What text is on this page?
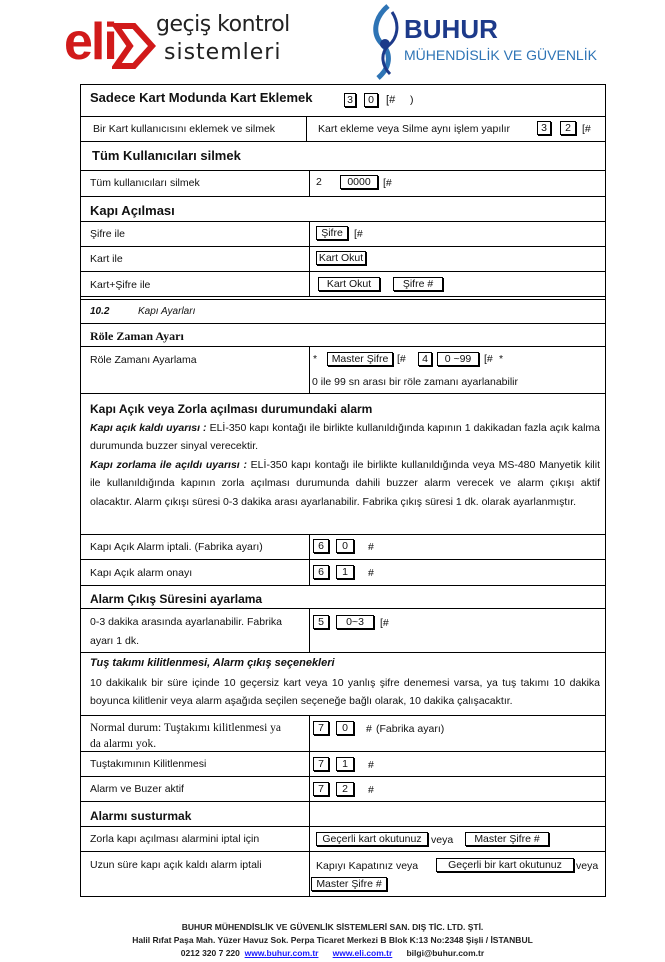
eli geçiş kontrol
sistemleri
BUHUR
MÜHENDİSLİK VE GÜVENLİK
Sadece Kart Modunda Kart Eklemek	3	0	[# )
Bir Kart kullanıcısını eklemek ve silmek	Kart ekleme veya Silme aynı işlem yapılır	3	2	[#
Tüm Kullanıcıları silmek
Tüm kullanıcıları silmek	2	0000	[#
Kapı Açılması
Şifre ile	Şifre	[#
Kart ile	Kart Okut
Kart+Şifre ile	Kart Okut	Şifre #
10.2	Kapı Ayarları
Röle Zaman Ayarı
Röle Zamanı Ayarlama	*	Master Şifre [#	4	0 ~99	[# *
0 ile 99 sn arası bir röle zamanı ayarlanabilir
Kapı Açık veya Zorla açılması durumundaki alarm
Kapı açık kaldı uyarısı : ELİ-350 kapı kontağı ile birlikte kullanıldığında kapının 1 dakikadan fazla açık kalma durumunda buzzer sinyal verecektir.
Kapı zorlama ile açıldı uyarısı : ELİ-350 kapı kontağı ile birlikte kullanıldığında veya MS-480 Manyetik kilit ile kullanıldığında kapının zorla açılması durumunda dahili buzzer alarm verecek ve alarm çıkışı aktif olacaktır. Alarm çıkışı süresi 0-3 dakika arası ayarlanabilir. Fabrika çıkış süresi 1 dk. olarak ayarlanmıştır.
Kapı Açık Alarm iptali. (Fabrika ayarı)	6	0	#
Kapı Açık alarm onayı	6	1	#
Alarm Çıkış Süresini ayarlama
0-3 dakika arasında ayarlanabilir. Fabrika
ayarı 1 dk.
5	0~3	[#
Tuş takımı kilitlenmesi, Alarm çıkış seçenekleri
10 dakikalık bir süre içinde 10 geçersiz kart veya 10 yanlış şifre denemesi varsa, ya tuş takımı 10 dakika boyunca kilitlenir veya alarm aşağıda seçilen seçeneğe bağlı olarak, 10 dakika çalışacaktır.
Normal durum: Tuştakımı kilitlenmesi ya
da alarmı yok.
7	0	# (Fabrika ayarı)
Tuştakımının Kilitlenmesi	7	1	#
Alarm ve Buzer aktif	7	2	#
Alarmı susturmak
Zorla kapı açılması alarmini iptal için	Geçerli kart okutunuz veya	Master Şifre #
Uzun süre kapı açık kaldı alarm iptali	Kapıyı Kapatınız veya	Geçerli bir kart okutunuz	veya
Master Şifre #
BUHUR MÜHENDİSLİK VE GÜVENLİK SİSTEMLERİ SAN. DIŞ TİC. LTD. ŞTİ.
Halil Rıfat Paşa Mah. Yüzer Havuz Sok. Perpa Ticaret Merkezi B Blok K:13 No:2348 Şişli / İSTANBUL
0212 320 7 220 www.buhur.com.tr www.eli.com.tr bilgi@buhur.com.tr
